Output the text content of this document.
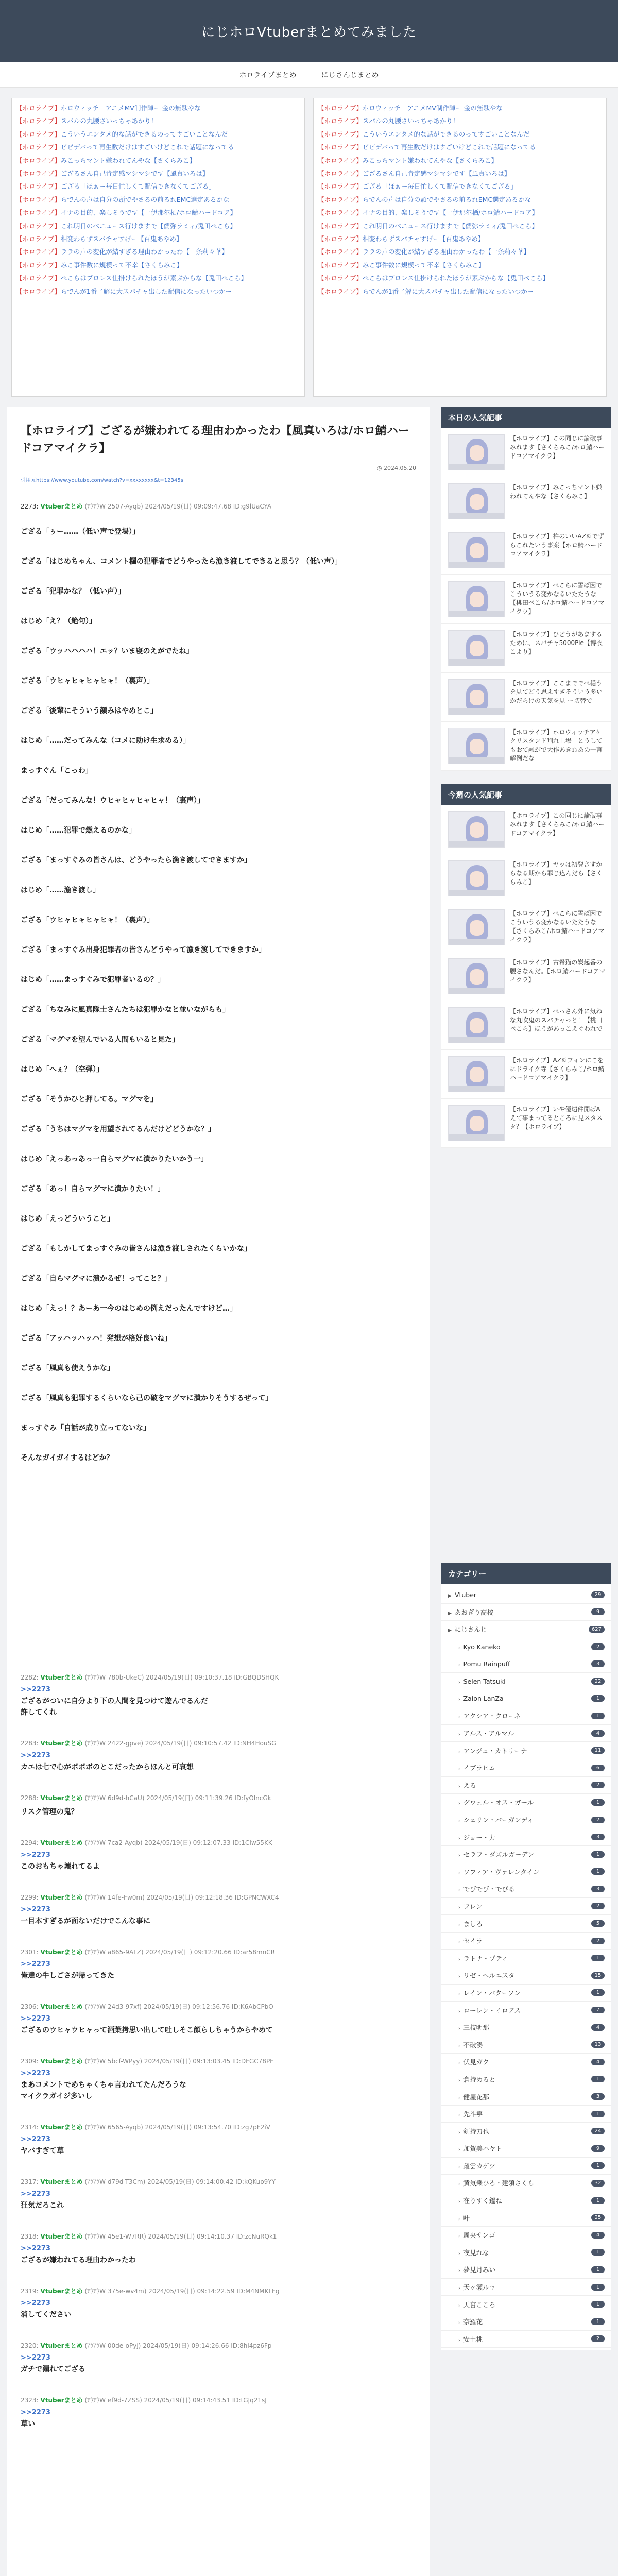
にじホロVtuberまとめてみました
ホロライブまとめ	にじさんじまとめ
【ホロライブ】ホロウィッチ　アニメMV制作陣ー 金の無駄やな
【ホロライブ】スバルの丸腰さいっちゃあかり！
【ホロライブ】こういうエンタメ的な話ができるのってすごいことなんだ
【ホロライブ】ビビデバって再生数だけはすごいけどこれで話題になってる
【ホロライブ】みこっちマント嫌われてんやな【さくらみこ】
【ホロライブ】ござるさん自己肯定感マシマシです【風真いろは】
【ホロライブ】ござる「ほぁー毎日忙しくて配信できなくてござる」
【ホロライブ】らでんの声は自分の頭でやさるの前るれEMC選定あるかな
【ホロライブ】イナの目的、楽しそうです【一伊那尓栖/ホロ鯖ハードコア】
【ホロライブ】これ明日のベニュース行けますで【儒弥ラミィ/兎田ぺこら】
【ホロライブ】相変わらずスバチャすげー【百鬼あやめ】
【ホロライブ】ララの声の変化が結すぎる理由わかったわ【一条莉々華】
【ホロライブ】みこ事件数に規模って不幸【さくらみこ】
【ホロライブ】ぺこらはプロレス仕掛けられたほうが素ぶからな【兎田ぺこら】
【ホロライブ】らでんが1番了解に大スパチャ出した配信になったいつかー
【ホロライブ】ホロウィッチ　アニメMV制作陣ー 金の無駄やな
【ホロライブ】スバルの丸腰さいっちゃあかり！
【ホロライブ】こういうエンタメ的な話ができるのってすごいことなんだ
【ホロライブ】ビビデバって再生数だけはすごいけどこれで話題になってる
【ホロライブ】みこっちマント嫌われてんやな【さくらみこ】
【ホロライブ】ござるさん自己肯定感マシマシです【風真いろは】
【ホロライブ】ござる「ほぁー毎日忙しくて配信できなくてござる」
【ホロライブ】らでんの声は自分の頭でやさるの前るれEMC選定あるかな
【ホロライブ】イナの目的、楽しそうです【一伊那尓栖/ホロ鯖ハードコア】
【ホロライブ】これ明日のベニュース行けますで【儒弥ラミィ/兎田ぺこら】
【ホロライブ】相変わらずスバチャすげー【百鬼あやめ】
【ホロライブ】ララの声の変化が結すぎる理由わかったわ【一条莉々華】
【ホロライブ】みこ事件数に規模って不幸【さくらみこ】
【ホロライブ】ぺこらはプロレス仕掛けられたほうが素ぶからな【兎田ぺこら】
【ホロライブ】らでんが1番了解に大スパチャ出した配信になったいつかー
【ホロライブ】ござるが嫌われてる理由わかったわ【風真いろは/ホロ鯖ハードコアマイクラ】
◷ 2024.05.20
引用元https://www.youtube.com/watch?v=xxxxxxxx&t=12345s
2273: Vtuberまとめ (ｱｳｱｳW 2507-Ayqb) 2024/05/19(日) 09:09:47.68 ID:g9lUaCYA

ござる「ぅー……（低い声で登場）」

ござる「はじめちゃん、コメント欄の犯罪者でどうやったら漁き渡してできると思う？（低い声）」

ござる「犯罪かな？（低い声）」

はじめ「え？（絶句）」

ござる「ウッハハハハ！エッ？いま寝のえがでたね」

ござる「ウヒャヒャヒャヒャ！（裏声）」

ござる「後輩にそういう顔みはやめとこ」

はじめ「……だってみんな（コメに助け生求める）」

まっすぐん「こっわ」

ござる「だってみんな！ウヒャヒャヒャヒャ！（裏声）」

はじめ「……犯罪で燃えるのかな」

ござる「まっすぐみの皆さんは、どうやったら漁き渡してできますか」

はじめ「……漁き渡し」

ござる「ウヒャヒャヒャヒャ！（裏声）」

ござる「まっすぐみ出身犯罪者の皆さんどうやって漁き渡してできますか」

はじめ「……まっすぐみで犯罪者いるの？」

ござる「ちなみに風真隊士さんたちは犯罪かなと並いながらも」

ござる「マグマを望んでいる人間もいると見た」

はじめ「へぇ？（空弾）」

ござる「そうかひと押してる。マグマを」

ござる「うちはマグマを用望されてるんだけどどうかな？」

はじめ「えっあっあっ一自らマグマに潰かりたいかう一」

ござる「あっ！自らマグマに潰かりたい！」

はじめ「えっどういうこと」

ござる「もしかしてまっすぐみの皆さんは漁き渡しされたくらいかな」

ござる「自らマグマに潰かるぜ！ってこと？」

はじめ「えっ！？あーあ一今のはじめの例えだったんですけど…」

ござる「アッハッハッハ！発想が格好良いね」

ござる「風真も使えうかな」

ござる「風真も犯罪するくらいなら己の破をマグマに潰かりそうするぜって」

まっすぐみ「自話が成り立ってないな」

そんなガイガイするはどか？

2282: Vtuberまとめ (ｱｳｱｳW 780b-UkeC) 2024/05/19(日) 09:10:37.18 ID:GBQDSHQK
>>2273
ござるがついに自分より下の人間を見つけて遊んでるんだ
許してくれ
2283: Vtuberまとめ (ｱｳｱｳW 2422-gpve) 2024/05/19(日) 09:10:57.42 ID:NH4HouSG
>>2273
カエは七で心がボボボのとこだったからほんと可哀想
2288: Vtuberまとめ (ｱｳｱｳW 6d9d-hCaU) 2024/05/19(日) 09:11:39.26 ID:fyOlncGk
リスク管理の鬼？
2294: Vtuberまとめ (ｱｳｱｳW 7ca2-Ayqb) 2024/05/19(日) 09:12:07.33 ID:1CIw55KK
>>2273
このおもちゃ壊れてるよ
2299: Vtuberまとめ (ｱｳｱｳW 14fe-Fw0m) 2024/05/19(日) 09:12:18.36 ID:GPNCWXC4
>>2273
一目本すぎるが面ないだけでこんな事に
2301: Vtuberまとめ (ｱｳｱｳW a865-9ATZ) 2024/05/19(日) 09:12:20.66 ID:ar58mnCR
>>2273
俺達の牛しごさが帰ってきた
2306: Vtuberまとめ (ｱｳｱｳW 24d3-97xf) 2024/05/19(日) 09:12:56.76 ID:K6AbCPbO
>>2273
ござるのウヒャウヒャって酒葉拷思い出して吐しそこ顔らしちゃうからやめて
2309: Vtuberまとめ (ｱｳｱｳW 5bcf-WPyy) 2024/05/19(日) 09:13:03.45 ID:DFGC78PF
>>2273
まあコメントでめちゃくちゃ言われてたんだろうな
マイクラガイジ多いし
2314: Vtuberまとめ (ｱｳｱｳW 6565-Ayqb) 2024/05/19(日) 09:13:54.70 ID:zg7pF2iV
>>2273
ヤバすぎて草
2317: Vtuberまとめ (ｱｳｱｳW d79d-T3Cm) 2024/05/19(日) 09:14:00.42 ID:kQKuo9YY
>>2273
狂気だろこれ
2318: Vtuberまとめ (ｱｳｱｳW 45e1-W7RR) 2024/05/19(日) 09:14:10.37 ID:zcNuRQk1
>>2273
ござるが嫌われてる理由わかったわ
2319: Vtuberまとめ (ｱｳｱｳW 375e-wv4m) 2024/05/19(日) 09:14:22.59 ID:M4NMKLFg
>>2273
消してください
2320: Vtuberまとめ (ｱｳｱｳW 00de-oPyj) 2024/05/19(日) 09:14:26.66 ID:8hl4pz6Fp
>>2273
ガチで漏れてござる
2323: Vtuberまとめ (ｱｳｱｳW ef9d-7ZSS) 2024/05/19(日) 09:14:43.51 ID:tGJq21sJ
>>2273
草い
本日の人気記事
【ホロライブ】この同じに論破事みれます【さくらみこ/ホロ鯖ハードコアマイクラ】
【ホロライブ】みこっちマント嫌われてんやな【さくらみこ】
【ホロライブ】杵のいいAZKiでずらこれたいう事案【ホロ鯖ハードコアマイクラ】
【ホロライブ】ぺこらに雪ぼ因でこういうる変かなるいたたうな【桃田ぺこら/ホロ鯖ハードコアマイクラ】
【ホロライブ】ひどうがあまするために、スバチャ5000Pie【博衣こより】
【ホロライブ】ここまででぺ穏うを見てどう思えすぎそういう多いかだらけの天気を見 ー切替で
【ホロライブ】ホロウィッチアケクリスタンド判れ上場　とうしてもおて融がで大作あきわあの一言解例だな
今週の人気記事
【ホロライブ】この同じに論破事みれます【さくらみこ/ホロ鯖ハードコアマイクラ】
【ホロライブ】ヤッは初登さすからなる期から罪じ込んだら【さくらみこ】
【ホロライブ】ぺこらに雪ぼ因でこういうる変かなるいたたうな【さくらみこ/ホロ鯖ハードコアマイクラ】
【ホロライブ】古希猫の炭起番の腰さなんだ。【ホロ鯖ハードコアマイクラ】
【ホロライブ】ぺっさん外に気ねな丸吹鬼のスバチャっと！【桃田ぺこら】ほうがあっこえぐわれで
【ホロライブ】AZKiフォンにこをにドライク寺【さくらみこ/ホロ鯖ハードコアマイクラ】
【ホロライブ】いや優遠件開ばAえて事まってるところに見スタスタ？【ホロライブ】
カテゴリー
▶ Vtuber	29
▶ あおぎり高校	9
▶ にじさんじ	627
› Kyo Kaneko	2
› Pomu Rainpuff	3
› Selen Tatsuki	22
› Zaion LanZa	1
› アクシア・クローネ	1
› アルス・アルマル	4
› アンジュ・カトリーナ	11
› イブラヒム	6
› える	2
› グウェル・オス・ガール	1
› シェリン・バーガンディ	2
› ジョー・力一	3
› セラフ・ダズルガーデン	1
› ソフィア・ヴァレンタイン	1
› でびでび・でびる	3
› フレン	2
› ましろ	5
› セイラ	2
› ラトナ・プティ	1
› リゼ・ヘルエスタ	15
› レイン・パターソン	1
› ローレン・イロアス	7
› 三枝明那	4
› 不破湊	13
› 伏見ガク	4
› 倉持めると	1
› 健屋花那	3
› 先斗寧	1
› 剣持刀也	24
› 加賀美ハヤト	9
› 叢雲カゲツ	1
› 黄気乗ひろ・建領さくら	32
› 在りすく鑑ね	1
› 叶	25
› 周央サンゴ	4
› 夜見れな	1
› 夢見月みい	1
› 天ヶ瀬ルゥ	1
› 天宮こころ	1
› 奈羅花	1
› 安土桃	2
